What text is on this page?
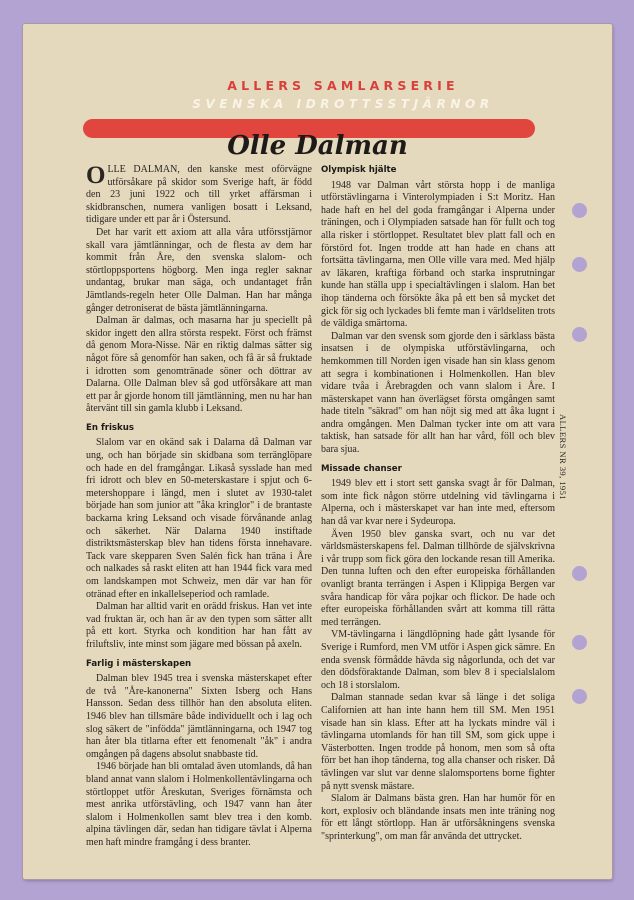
ALLERS SAMLARSERIE
SVENSKA IDROTTSSTJÄRNOR
Olle Dalman

OLLE DALMAN, den kanske mest oförvägne utförsåkare på skidor som Sverige haft, är född den 23 juni 1922 och till yrket affärsman i skidbranschen, numera vanligen bosatt i Leksand, tidigare under ett par år i Östersund.

Det har varit ett axiom att alla våra utförsstjärnor skall vara jämtlänningar, och de flesta av dem har kommit från Åre, den svenska slalom- och störtloppsportens högborg. Men inga regler saknar undantag, brukar man säga, och undantaget från Jämtlands-regeln heter Olle Dalman. Han har många gånger detroniserat de bästa jämtlänningarna.

Dalman är dalmas, och masarna har ju speciellt på skidor ingett den allra största respekt. Först och främst då genom Mora-Nisse. När en riktig dalmas sätter sig något före så genomför han saken, och få är så fruktade i idrotten som genomtränade söner och döttrar av Dalarna. Olle Dalman blev så god utförsåkare att man ett par år gjorde honom till jämtlänning, men nu har han återvänt till sin gamla klubb i Leksand.

En friskus

Slalom var en okänd sak i Dalarna då Dalman var ung, och han började sin skidbana som terränglöpare och hade en del framgångar. Likaså sysslade han med fri idrott och blev en 50-meterskastare i spjut och 6-metershoppare i längd, men i slutet av 1930-talet började han som junior att "åka kringlor" i de brantaste backarna kring Leksand och visade förvånande anlag och säkerhet. När Dalarna 1940 instiftade distriktsmästerskap blev han tidens första innehavare. Tack vare skepparen Sven Salén fick han träna i Åre och nalkades så raskt eliten att han 1944 fick vara med om landskampen mot Schweiz, men där var han för otränad efter en inkallelseperiod och ramlade.

Dalman har alltid varit en orädd friskus. Han vet inte vad fruktan är, och han är av den typen som sätter allt på ett kort. Styrka och kondition har han fått av friluftsliv, inte minst som jägare med bössan på axeln.

Farlig i mästerskapen

Dalman blev 1945 trea i svenska mästerskapet efter de två "Åre-kanonerna" Sixten Isberg och Hans Hansson. Sedan dess tillhör han den absoluta eliten. 1946 blev han tillsmäre både individuellt och i lag och slog säkert de "infödda" jämtlänningarna, och 1947 tog han åter bla titlarna efter ett fenomenalt "åk" i andra omgången på dagens absolut snabbaste tid.

1946 började han bli omtalad även utomlands, då han bland annat vann slalom i Holmenkollentävlingarna och störtloppet utför Åreskutan, Sveriges förnämsta och mest anrika utförstävling, och 1947 vann han åter slalom i Holmenkollen samt blev trea i den komb. alpina tävlingen där, sedan han tidigare tävlat i Alperna men haft mindre framgång i dess branter.

Olympisk hjälte

1948 var Dalman vårt största hopp i de manliga utförstävlingarna i Vinterolympiaden i S:t Moritz. Han hade haft en hel del goda framgångar i Alperna under träningen, och i Olympiaden satsade han för fullt och tog alla risker i störtloppet. Resultatet blev platt fall och en förstörd fot. Ingen trodde att han hade en chans att fortsätta tävlingarna, men Olle ville vara med. Med hjälp av läkaren, kraftiga förband och starka insprutningar kunde han ställa upp i specialtävlingen i slalom. Han bet ihop tänderna och försökte åka på ett ben så mycket det gick för sig och lyckades bli femte man i världseliten trots de väldiga smärtorna.

Dalman var den svensk som gjorde den i särklass bästa insatsen i de olympiska utförstävlingarna, och hemkommen till Norden igen visade han sin klass genom att segra i kombinationen i Holmenkollen. Han blev vidare tvåa i Årebragden och vann slalom i Åre. I mästerskapet vann han överlägset första omgången samt hade titeln "säkrad" om han nöjt sig med att åka lugnt i andra omgången. Men Dalman tycker inte om att vara taktisk, han satsade för allt han har vård, föll och blev bara sjua.

Missade chanser

1949 blev ett i stort sett ganska svagt år för Dalman, som inte fick någon större utdelning vid tävlingarna i Alperna, och i mästerskapet var han inte med, eftersom han då var kvar nere i Sydeuropa.

Även 1950 blev ganska svart, och nu var det världsmästerskapens fel. Dalman tillhörde de självskrivna i vår trupp som fick göra den lockande resan till Amerika. Den tunna luften och den efter europeiska förhållanden ovanligt branta terrängen i Aspen i Klippiga Bergen var svåra handicap för våra pojkar och flickor. De hade och efter europeiska förhållanden svårt att komma till rätta med terrängen.

VM-tävlingarna i längdlöpning hade gått lysande för Sverige i Rumford, men VM utför i Aspen gick sämre. En enda svensk förmådde hävda sig någorlunda, och det var den dödsföraktande Dalman, som blev 8 i specialslalom och 18 i storslalom.

Dalman stannade sedan kvar så länge i det soliga Californien att han inte hann hem till SM. Men 1951 visade han sin klass. Efter att ha lyckats mindre väl i tävlingarna utomlands för han till SM, som gick uppe i Västerbotten. Ingen trodde på honom, men som så ofta förr bet han ihop tänderna, tog alla chanser och risker. Då tävlingen var slut var denne slalomsportens borne fighter på nytt svensk mästare.

Slalom är Dalmans bästa gren. Han har humör för en kort, explosiv och bländande insats men inte träning nog för ett långt störtlopp. Han är utförsåkningens svenska "sprinterkung", om man får använda det uttrycket.

ALLERS NR 39, 1951
